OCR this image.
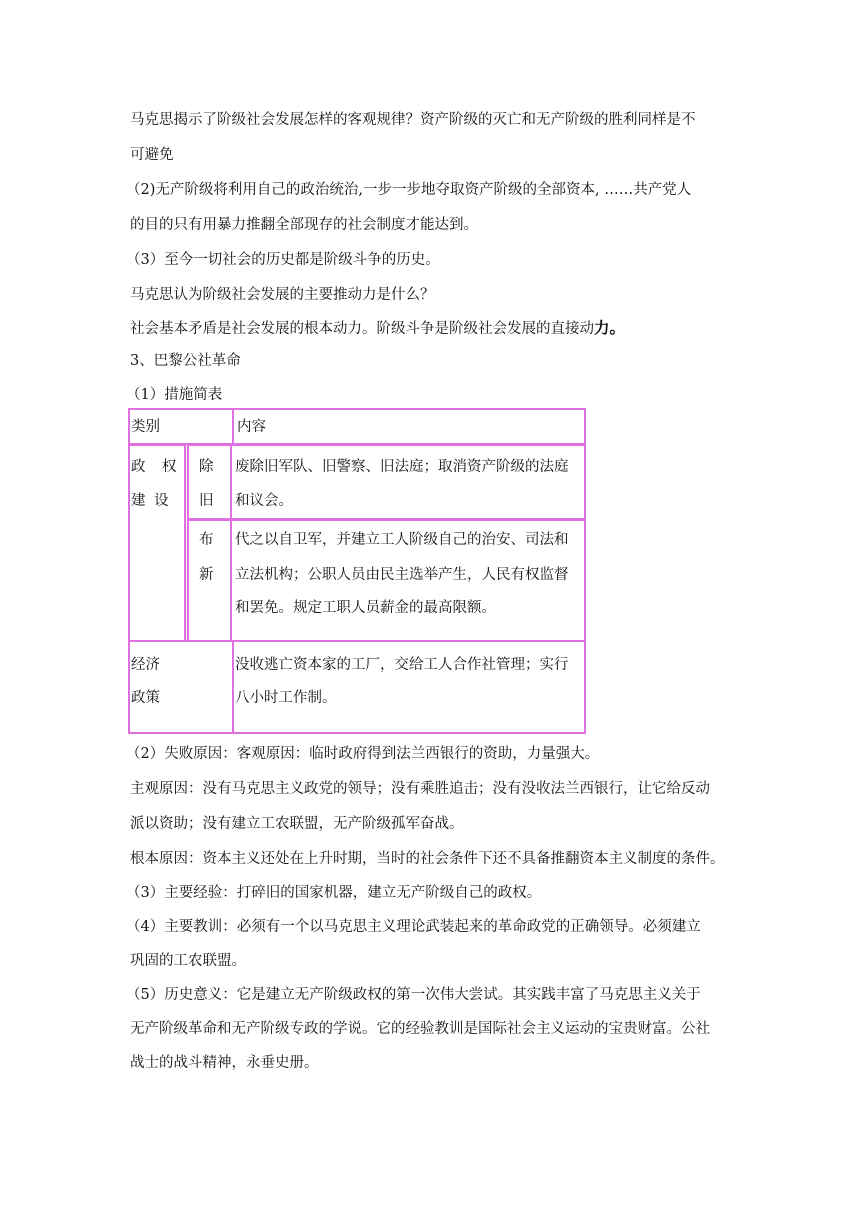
马克思揭示了阶级社会发展怎样的客观规律？资产阶级的灭亡和无产阶级的胜利同样是不
可避免
（2)无产阶级将利用自己的政治统治,一步一步地夺取资产阶级的全部资本, ……共产党人
的目的只有用暴力推翻全部现存的社会制度才能达到。
（3）至今一切社会的历史都是阶级斗争的历史。
马克思认为阶级社会发展的主要推动力是什么？
社会基本矛盾是社会发展的根本动力。阶级斗争是阶级社会发展的直接动力。
3、巴黎公社革命
（1）措施简表
类别	内容
政　权
建 设
除
旧
废除旧军队、旧警察、旧法庭；取消资产阶级的法庭
和议会。
布
新
代之以自卫军，并建立工人阶级自己的治安、司法和
立法机构；公职人员由民主选举产生，人民有权监督
和罢免。规定工职人员薪金的最高限额。
经济
政策
没收逃亡资本家的工厂，交给工人合作社管理；实行
八小时工作制。
（2）失败原因：客观原因：临时政府得到法兰西银行的资助，力量强大。
主观原因：没有马克思主义政党的领导；没有乘胜追击；没有没收法兰西银行，让它给反动
派以资助；没有建立工农联盟，无产阶级孤军奋战。
根本原因：资本主义还处在上升时期，当时的社会条件下还不具备推翻资本主义制度的条件。
（3）主要经验：打碎旧的国家机器，建立无产阶级自己的政权。
（4）主要教训：必须有一个以马克思主义理论武装起来的革命政党的正确领导。必须建立
巩固的工农联盟。
（5）历史意义：它是建立无产阶级政权的第一次伟大尝试。其实践丰富了马克思主义关于
无产阶级革命和无产阶级专政的学说。它的经验教训是国际社会主义运动的宝贵财富。公社
战士的战斗精神，永垂史册。
